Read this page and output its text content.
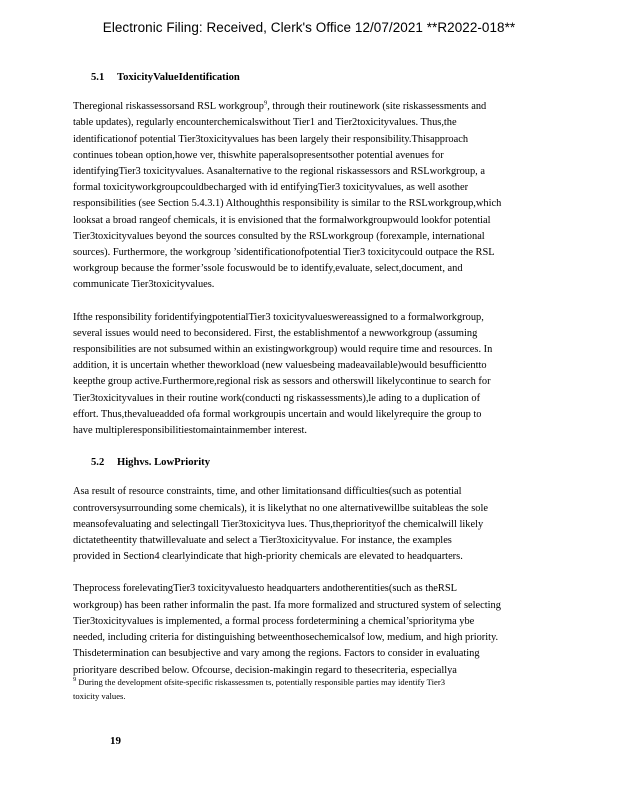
Electronic Filing: Received, Clerk's Office 12/07/2021 **R2022-018**
5.1 ToxicityValueIdentification
Theregional riskassessorsand RSL workgroup$^9$, through their routinework (site riskassessments and
table updates), regularly encounterchemicalswithout Tier1 and Tier2toxicityvalues. Thus,the
identificationof potential Tier3toxicityvalues has been largely their responsibility.Thisapproach
continues tobean option,howe ver, thiswhite paperalsopresentsother potential avenues for
identifyingTier3 toxicityvalues. Asanalternative to the regional riskassessors and RSLworkgroup, a
formal toxicityworkgroupcouldbecharged with id entifyingTier3 toxicityvalues, as well asother
responsibilities (see Section 5.4.3.1) Althoughthis responsibility is similar to the RSLworkgroup,which
looksat a broad rangeof chemicals, it is envisioned that the formalworkgroupwould lookfor potential
Tier3toxicityvalues beyond the sources consulted by the RSLworkgroup (forexample, international
sources). Furthermore, the workgroup ’sidentificationofpotential Tier3 toxicitycould outpace the RSL
workgroup because the former’ssole focuswould be to identify,evaluate, select,document, and
communicate Tier3toxicityvalues.
Ifthe responsibility foridentifyingpotentialTier3 toxicityvalueswereassigned to a formalworkgroup,
several issues would need to beconsidered. First, the establishmentof a newworkgroup (assuming
responsibilities are not subsumed within an existingworkgroup) would require time and resources. In
addition, it is uncertain whether theworkload (new valuesbeing madeavailable)would besufficientto
keepthe group active.Furthermore,regional risk as sessors and otherswill likelycontinue to search for
Tier3toxicityvalues in their routine work(conducti ng riskassessments),le ading to a duplication of
effort. Thus,thevalueadded ofa formal workgroupis uncertain and would likelyrequire the group to
have multipleresponsibilitiestomaintainmember interest.
5.2 Highvs. LowPriority
Asa result of resource constraints, time, and other limitationsand difficulties(such as potential
controversysurrounding some chemicals), it is likelythat no one alternativewillbe suitableas the sole
meansofevaluating and selectingall Tier3toxicityva lues. Thus,thepriorityof the chemicalwill likely
dictatetheentity thatwillevaluate and select a Tier3toxicityvalue. For instance, the examples
provided in Section4 clearlyindicate that high-priority chemicals are elevated to headquarters.
Theprocess forelevatingTier3 toxicityvaluesto headquarters andotherentities(such as theRSL
workgroup) has been rather informalin the past. Ifa more formalized and structured system of selecting
Tier3toxicityvalues is implemented, a formal process fordetermining a chemical’spriorityma ybe
needed, including criteria for distinguishing betweenthosechemicalsof low, medium, and high priority.
Thisdetermination can besubjective and vary among the regions. Factors to consider in evaluating
priorityare described below. Ofcourse, decision-makingin regard to thesecriteria, especiallya
$^9$ During the development ofsite-specific riskassessmen ts, potentially responsible parties may identify Tier3
toxicity values.
19
